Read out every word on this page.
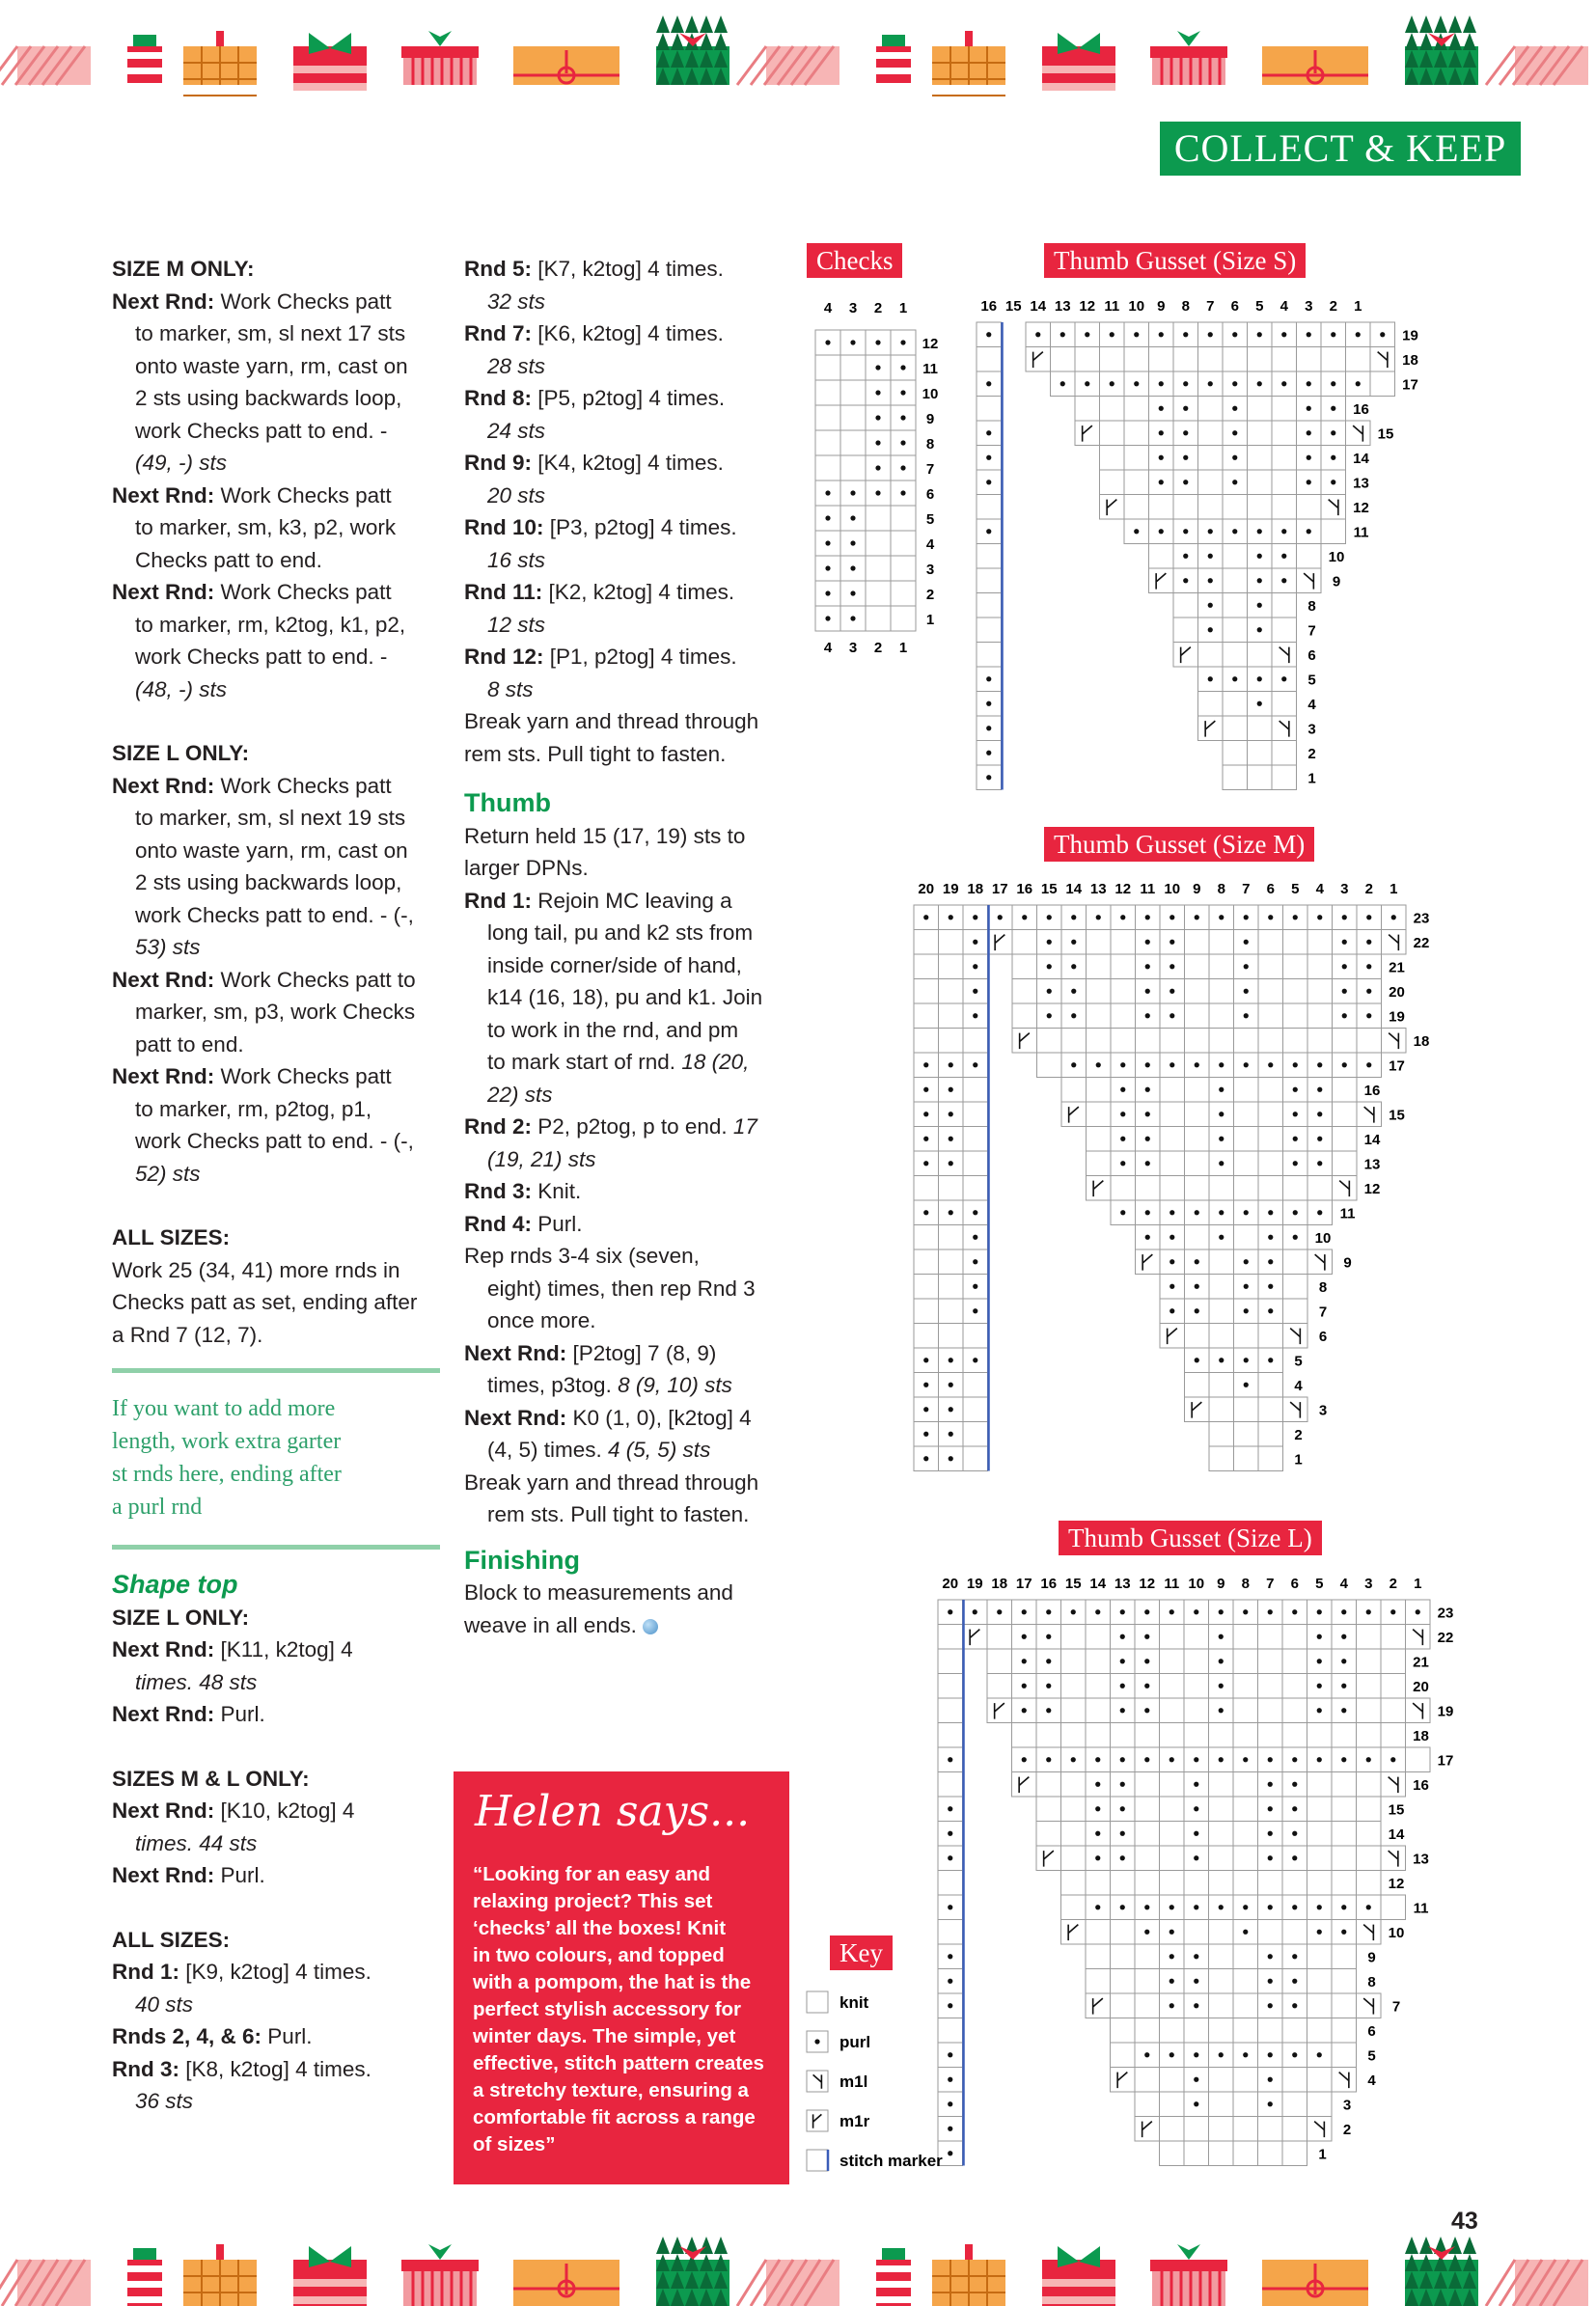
COLLECT & KEEP

SIZE M ONLY:

Next Rnd: Work Checks patt

to marker, sm, sl next 17 sts

onto waste yarn, rm, cast on

2 sts using backwards loop,

work Checks patt to end. -

(49, -) sts

Next Rnd: Work Checks patt

to marker, sm, k3, p2, work

Checks patt to end.

Next Rnd: Work Checks patt

to marker, rm, k2tog, k1, p2,

work Checks patt to end. -

(48, -) sts

SIZE L ONLY:

Next Rnd: Work Checks patt

to marker, sm, sl next 19 sts

onto waste yarn, rm, cast on

2 sts using backwards loop,

work Checks patt to end. - (-,

53) sts

Next Rnd: Work Checks patt to

marker, sm, p3, work Checks

patt to end.

Next Rnd: Work Checks patt

to marker, rm, p2tog, p1,

work Checks patt to end. - (-,

52) sts

ALL SIZES:

Work 25 (34, 41) more rnds in

Checks patt as set, ending after

a Rnd 7 (12, 7).

If you want to add more
length, work extra garter
st rnds here, ending after
a purl rnd

Shape top

SIZE L ONLY:

Next Rnd: [K11, k2tog] 4

times. 48 sts

Next Rnd: Purl.

SIZES M & L ONLY:

Next Rnd: [K10, k2tog] 4

times. 44 sts

Next Rnd: Purl.

ALL SIZES:

Rnd 1: [K9, k2tog] 4 times.

40 sts

Rnds 2, 4, & 6: Purl.

Rnd 3: [K8, k2tog] 4 times.

36 sts

Rnd 5: [K7, k2tog] 4 times.

32 sts

Rnd 7: [K6, k2tog] 4 times.

28 sts

Rnd 8: [P5, p2tog] 4 times.

24 sts

Rnd 9: [K4, k2tog] 4 times.

20 sts

Rnd 10: [P3, p2tog] 4 times.

16 sts

Rnd 11: [K2, k2tog] 4 times.

12 sts

Rnd 12: [P1, p2tog] 4 times.

8 sts

Break yarn and thread through

rem sts. Pull tight to fasten.

Thumb

Return held 15 (17, 19) sts to

larger DPNs.

Rnd 1: Rejoin MC leaving a

long tail, pu and k2 sts from

inside corner/side of hand,

k14 (16, 18), pu and k1. Join

to work in the rnd, and pm

to mark start of rnd. 18 (20,

22) sts

Rnd 2: P2, p2tog, p to end. 17

(19, 21) sts

Rnd 3: Knit.

Rnd 4: Purl.

Rep rnds 3-4 six (seven,

eight) times, then rep Rnd 3

once more.

Next Rnd: [P2tog] 7 (8, 9)

times, p3tog. 8 (9, 10) sts

Next Rnd: K0 (1, 0), [k2tog] 4

(4, 5) times. 4 (5, 5) sts

Break yarn and thread through

rem sts. Pull tight to fasten.

Finishing

Block to measurements and

weave in all ends.

Helen says...
“Looking for an easy and
relaxing project? This set
‘checks’ all the boxes! Knit
in two colours, and topped
with a pompom, the hat is the
perfect stylish accessory for
winter days. The simple, yet
effective, stitch pattern creates
a stretchy texture, ensuring a
comfortable fit across a range
of sizes”
Checks	Thumb Gusset (Size S)
Thumb Gusset (Size M)
Thumb Gusset (Size L)
Key
4
4
3
3
2
2
1
1
12
11
10
9
8
7
6
5
4
3
2
1
16 15 14 13 12 11 10 9 8 7 6 5 4 3 2 1
19
18
17
16
15
14
13
12
11
10
9
8
7
6
5
4
3
2
1
20 19 18 17 16 15 14 13 12 11 10 9 8 7 6 5 4 3 2 1
23
22
21
20
19
18
17
16
15
14
13
12
11
10
9
8
7
6
5
4
3
2
1
20 19 18 17 16 15 14 13 12 11 10 9 8 7 6 5 4 3 2 1
23
22
21
20
19
18
17
16
15
14
13
12
11
10
9
8
7
6
5
4
3
2
1
knit
purl
m1l
m1r
stitch marker
43
